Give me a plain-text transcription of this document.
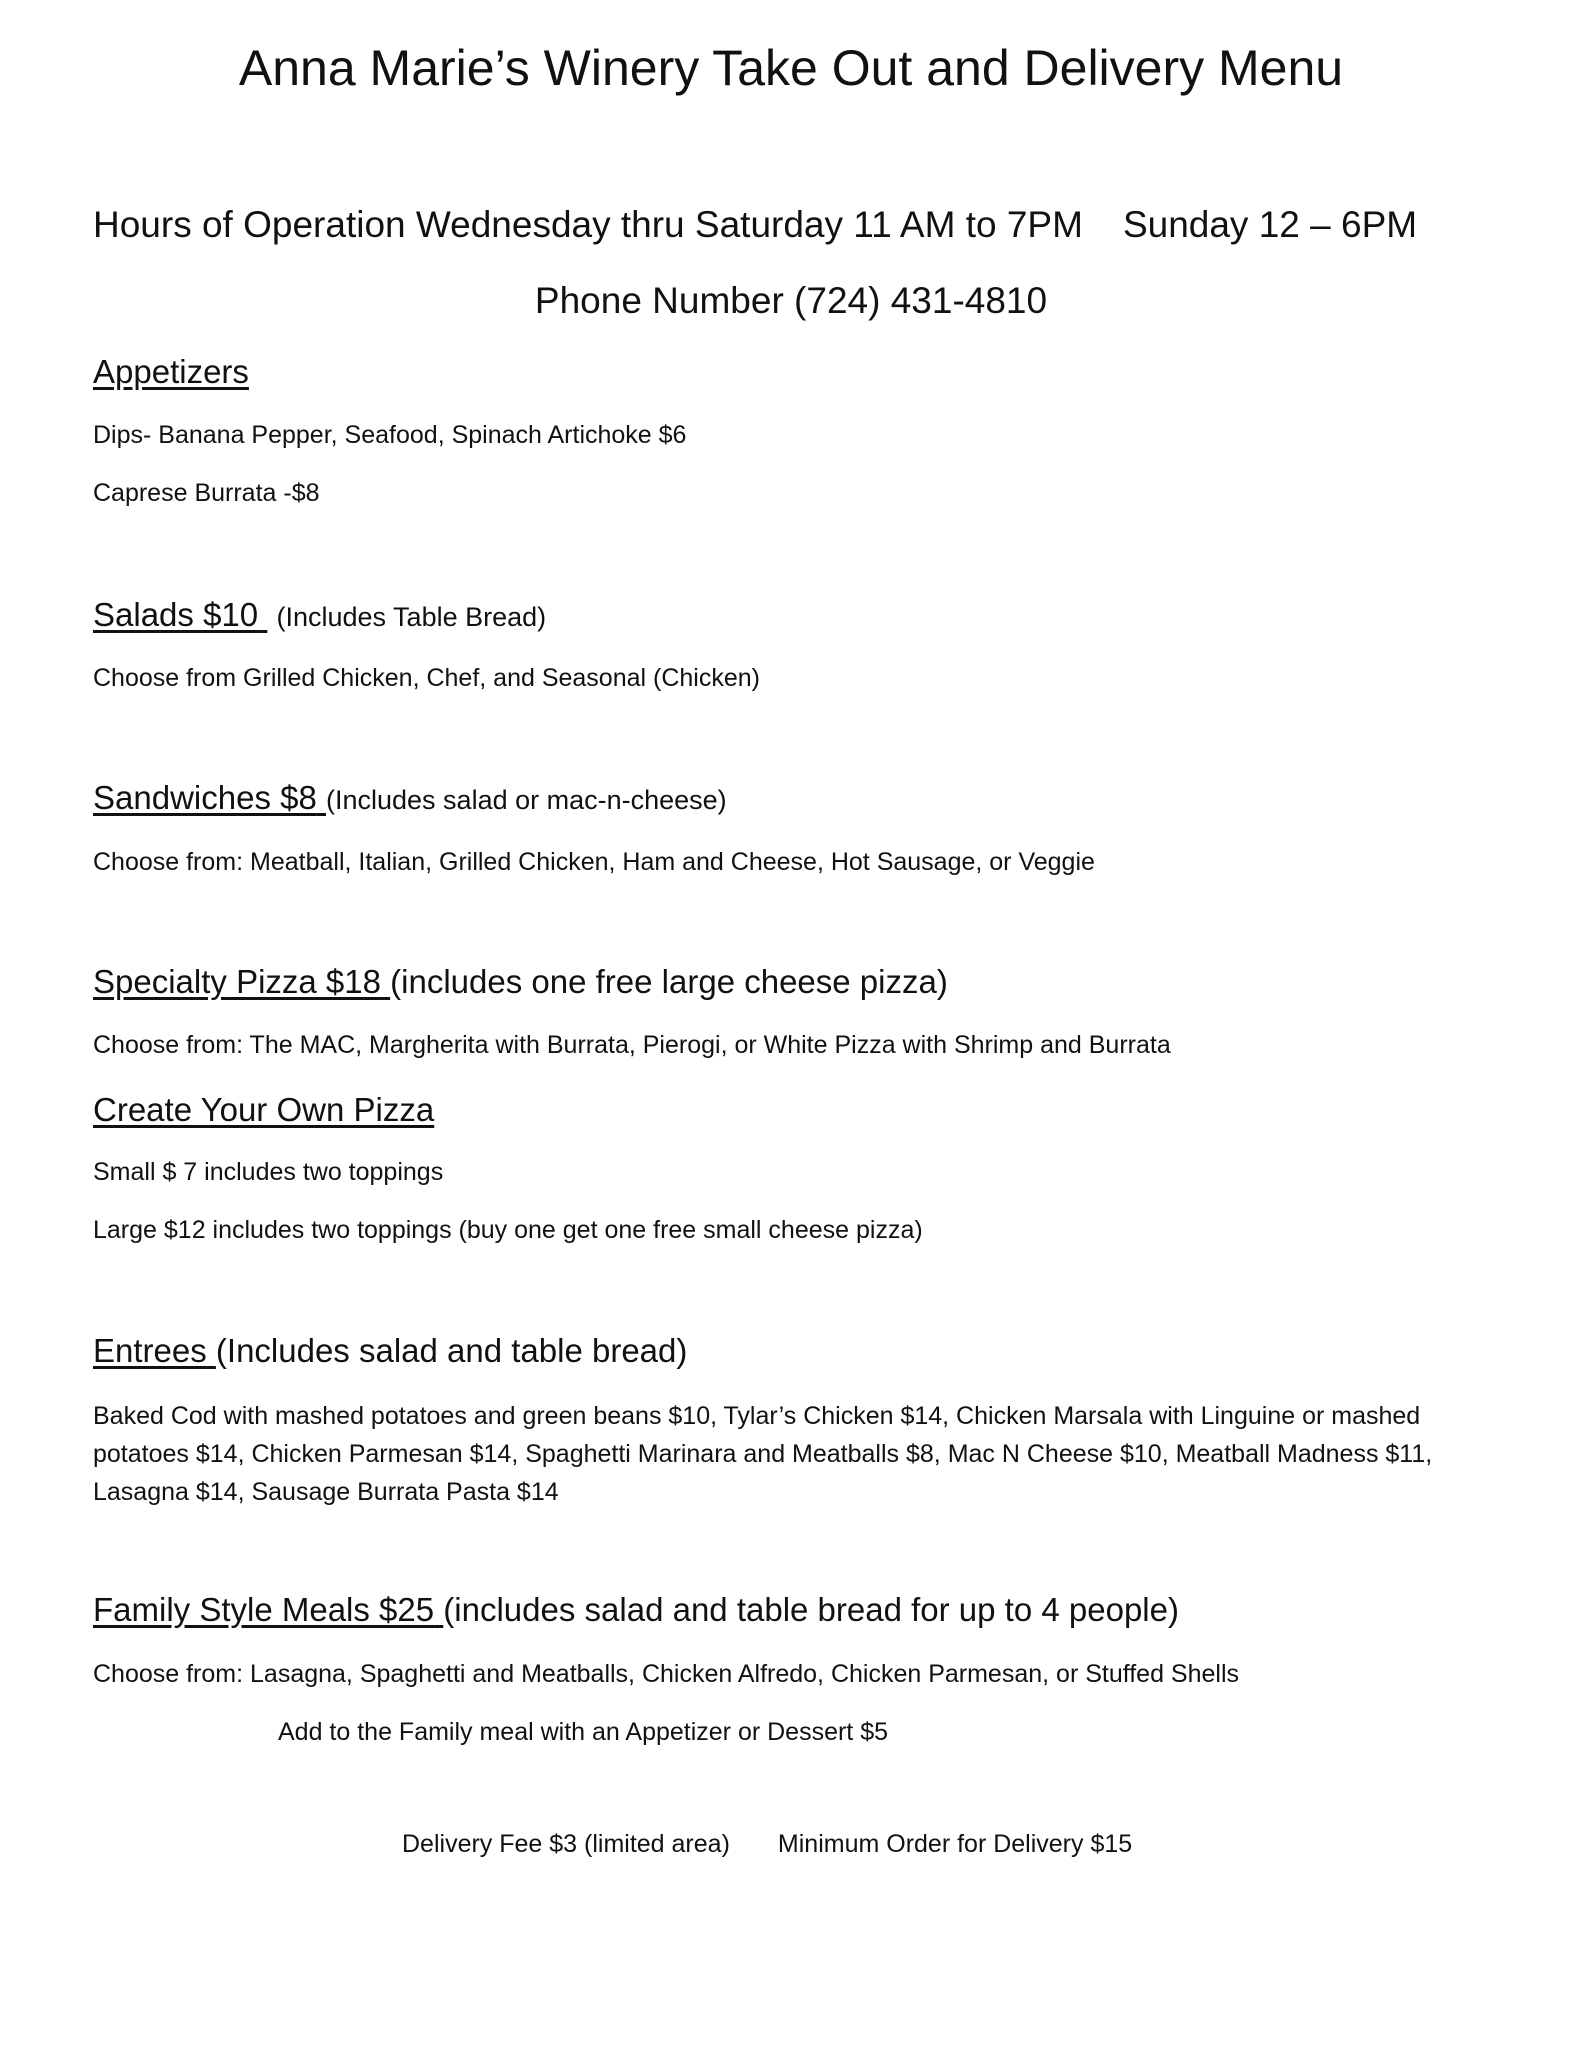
Anna Marie’s Winery Take Out and Delivery Menu
Hours of Operation Wednesday thru Saturday 11 AM to 7PM Sunday 12 – 6PM
Phone Number (724) 431-4810
Appetizers
Dips- Banana Pepper, Seafood, Spinach Artichoke $6
Caprese Burrata -$8
Salads $10 (Includes Table Bread)
Choose from Grilled Chicken, Chef, and Seasonal (Chicken)
Sandwiches $8 (Includes salad or mac-n-cheese)
Choose from: Meatball, Italian, Grilled Chicken, Ham and Cheese, Hot Sausage, or Veggie
Specialty Pizza $18 (includes one free large cheese pizza)
Choose from: The MAC, Margherita with Burrata, Pierogi, or White Pizza with Shrimp and Burrata
Create Your Own Pizza
Small $ 7 includes two toppings
Large $12 includes two toppings (buy one get one free small cheese pizza)
Entrees (Includes salad and table bread)
Baked Cod with mashed potatoes and green beans $10, Tylar’s Chicken $14, Chicken Marsala with Linguine or mashed potatoes $14, Chicken Parmesan $14, Spaghetti Marinara and Meatballs $8, Mac N Cheese $10, Meatball Madness $11, Lasagna $14, Sausage Burrata Pasta $14
Family Style Meals $25 (includes salad and table bread for up to 4 people)
Choose from: Lasagna, Spaghetti and Meatballs, Chicken Alfredo, Chicken Parmesan, or Stuffed Shells
Add to the Family meal with an Appetizer or Dessert $5
Delivery Fee $3 (limited area) Minimum Order for Delivery $15
